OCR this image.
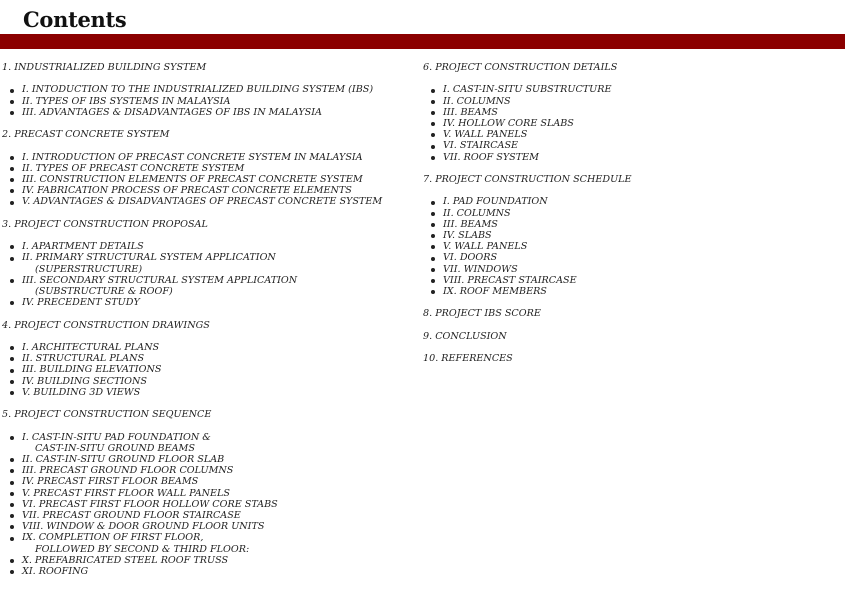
Contents
1. INDUSTRIALIZED BUILDING SYSTEM
I. INTODUCTION TO THE INDUSTRIALIZED BUILDING SYSTEM (IBS)
II. TYPES OF IBS SYSTEMS IN MALAYSIA
III. ADVANTAGES & DISADVANTAGES OF IBS IN MALAYSIA
2. PRECAST CONCRETE SYSTEM
I. INTRODUCTION OF PRECAST CONCRETE SYSTEM IN MALAYSIA
II. TYPES OF PRECAST CONCRETE SYSTEM
III. CONSTRUCTION ELEMENTS OF PRECAST CONCRETE SYSTEM
IV. FABRICATION PROCESS OF PRECAST CONCRETE ELEMENTS
V. ADVANTAGES & DISADVANTAGES OF PRECAST CONCRETE SYSTEM
3. PROJECT CONSTRUCTION PROPOSAL
I. APARTMENT DETAILS
II. PRIMARY STRUCTURAL SYSTEM APPLICATION
(SUPERSTRUCTURE)
III. SECONDARY STRUCTURAL SYSTEM APPLICATION
(SUBSTRUCTURE & ROOF)
IV. PRECEDENT STUDY
4. PROJECT CONSTRUCTION DRAWINGS
I. ARCHITECTURAL PLANS
II. STRUCTURAL PLANS
III. BUILDING ELEVATIONS
IV. BUILDING SECTIONS
V. BUILDING 3D VIEWS
5. PROJECT CONSTRUCTION SEQUENCE
I. CAST-IN-SITU PAD FOUNDATION &
CAST-IN-SITU GROUND BEAMS
II. CAST-IN-SITU GROUND FLOOR SLAB
III. PRECAST GROUND FLOOR COLUMNS
IV. PRECAST FIRST FLOOR BEAMS
V. PRECAST FIRST FLOOR WALL PANELS
VI. PRECAST FIRST FLOOR HOLLOW CORE STABS
VII. PRECAST GROUND FLOOR STAIRCASE
VIII. WINDOW & DOOR GROUND FLOOR UNITS
IX. COMPLETION OF FIRST FLOOR,
FOLLOWED BY SECOND & THIRD FLOOR:
X. PREFABRICATED STEEL ROOF TRUSS
XI. ROOFING
6. PROJECT CONSTRUCTION DETAILS
I. CAST-IN-SITU SUBSTRUCTURE
II. COLUMNS
III. BEAMS
IV. HOLLOW CORE SLABS
V. WALL PANELS
VI. STAIRCASE
VII. ROOF SYSTEM
7. PROJECT CONSTRUCTION SCHEDULE
I. PAD FOUNDATION
II. COLUMNS
III. BEAMS
IV. SLABS
V. WALL PANELS
VI. DOORS
VII. WINDOWS
VIII. PRECAST STAIRCASE
IX. ROOF MEMBERS
8. PROJECT IBS SCORE
9. CONCLUSION
10. REFERENCES
